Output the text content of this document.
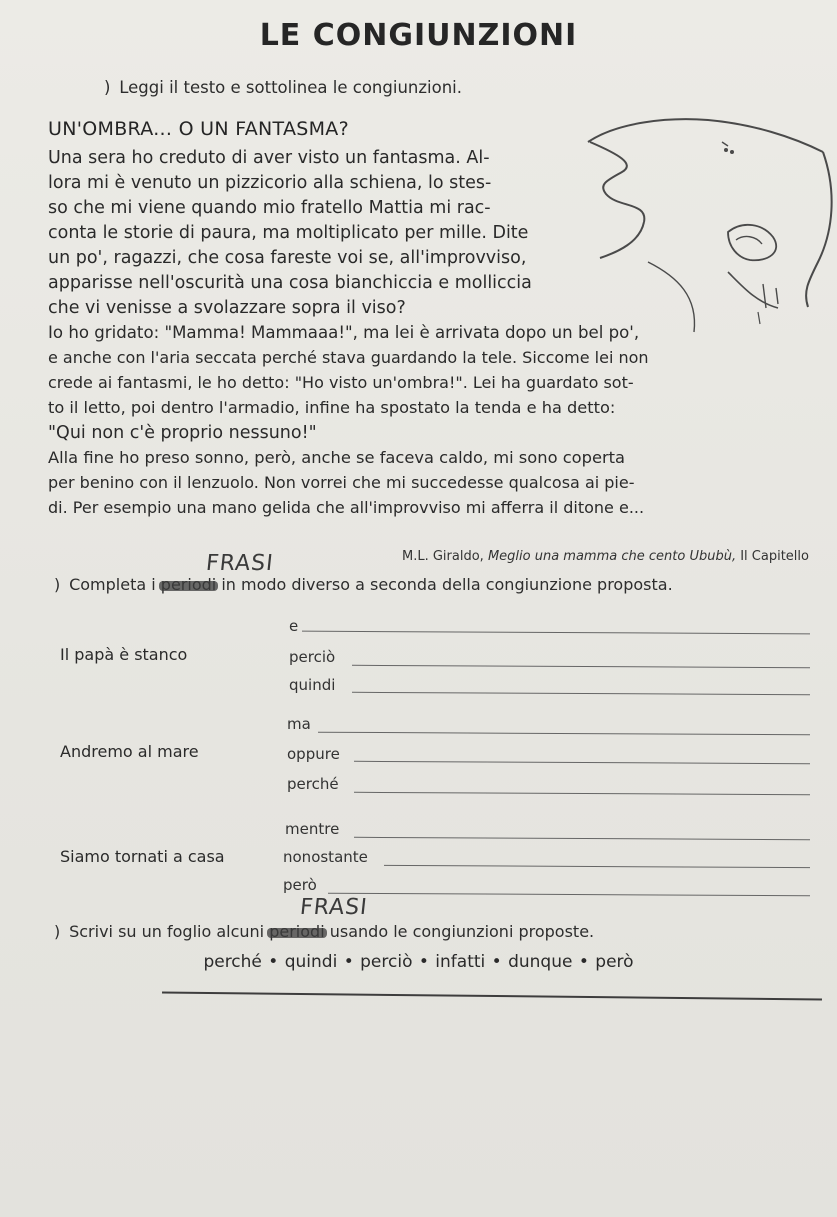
LE CONGIUNZIONI
) Leggi il testo e sottolinea le congiunzioni.
UN'OMBRA... O UN FANTASMA?
Una sera ho creduto di aver visto un fantasma. Al-
lora mi è venuto un pizzicorio alla schiena, lo stes-
so che mi viene quando mio fratello Mattia mi rac-
conta le storie di paura, ma moltiplicato per mille. Dite
un po', ragazzi, che cosa fareste voi se, all'improvviso,
apparisse nell'oscurità una cosa bianchiccia e molliccia
che vi venisse a svolazzare sopra il viso?
Io ho gridato: "Mamma! Mammaaa!", ma lei è arrivata dopo un bel po',
e anche con l'aria seccata perché stava guardando la tele. Siccome lei non
crede ai fantasmi, le ho detto: "Ho visto un'ombra!". Lei ha guardato sot-
to il letto, poi dentro l'armadio, infine ha spostato la tenda e ha detto:
"Qui non c'è proprio nessuno!"
Alla fine ho preso sonno, però, anche se faceva caldo, mi sono coperta
per benino con il lenzuolo. Non vorrei che mi succedesse qualcosa ai pie-
di. Per esempio una mano gelida che all'improvviso mi afferra il ditone e...
M.L. Giraldo, Meglio una mamma che cento Ububù, Il Capitello
FRASI
) Completa i	in modo diverso a seconda della congiunzione proposta.
Il papà è stanco
e
perciò
quindi
Andremo al mare
ma
oppure
perché
Siamo tornati a casa
mentre
nonostante
però
FRASI
) Scrivi su un foglio alcuni	usando le congiunzioni proposte.
perché • quindi • perciò • infatti • dunque • però
